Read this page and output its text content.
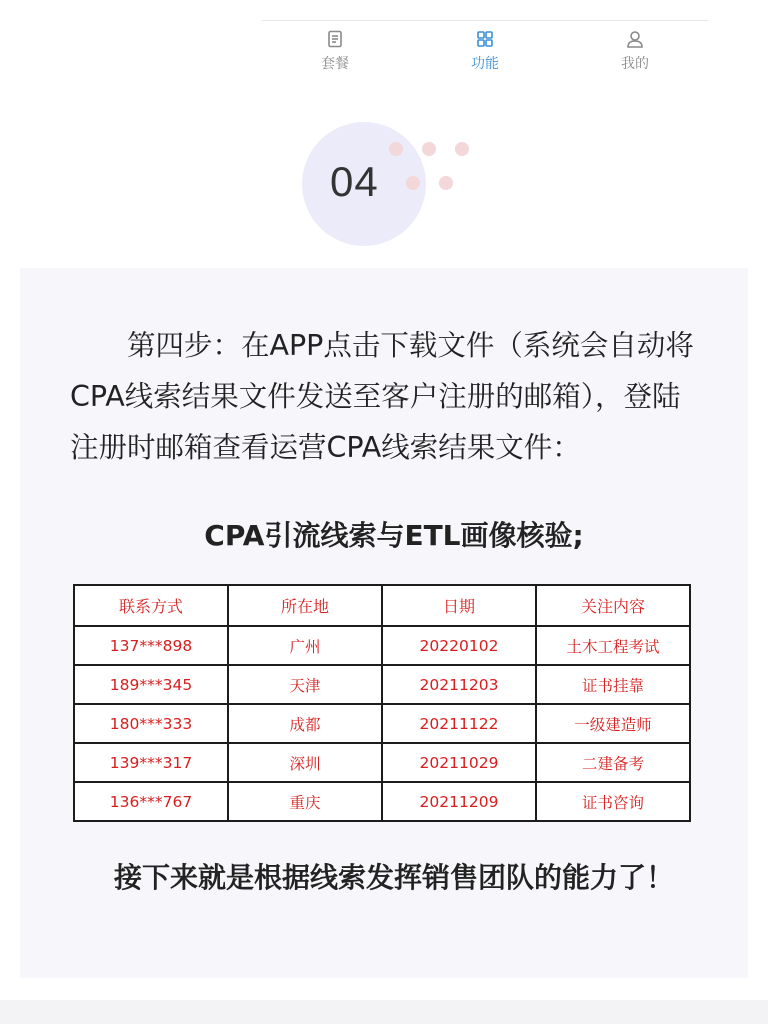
套餐	功能	我的
04

第四步：在APP点击下载文件（系统会自动将CPA线索结果文件发送至客户注册的邮箱），登陆注册时邮箱查看运营CPA线索结果文件：

CPA引流线索与ETL画像核验;

联系方式	所在地	日期	关注内容
137***898	广州	20220102	土木工程考试
189***345	天津	20211203	证书挂靠
180***333	成都	20211122	一级建造师
139***317	深圳	20211029	二建备考
136***767	重庆	20211209	证书咨询

接下来就是根据线索发挥销售团队的能力了！
